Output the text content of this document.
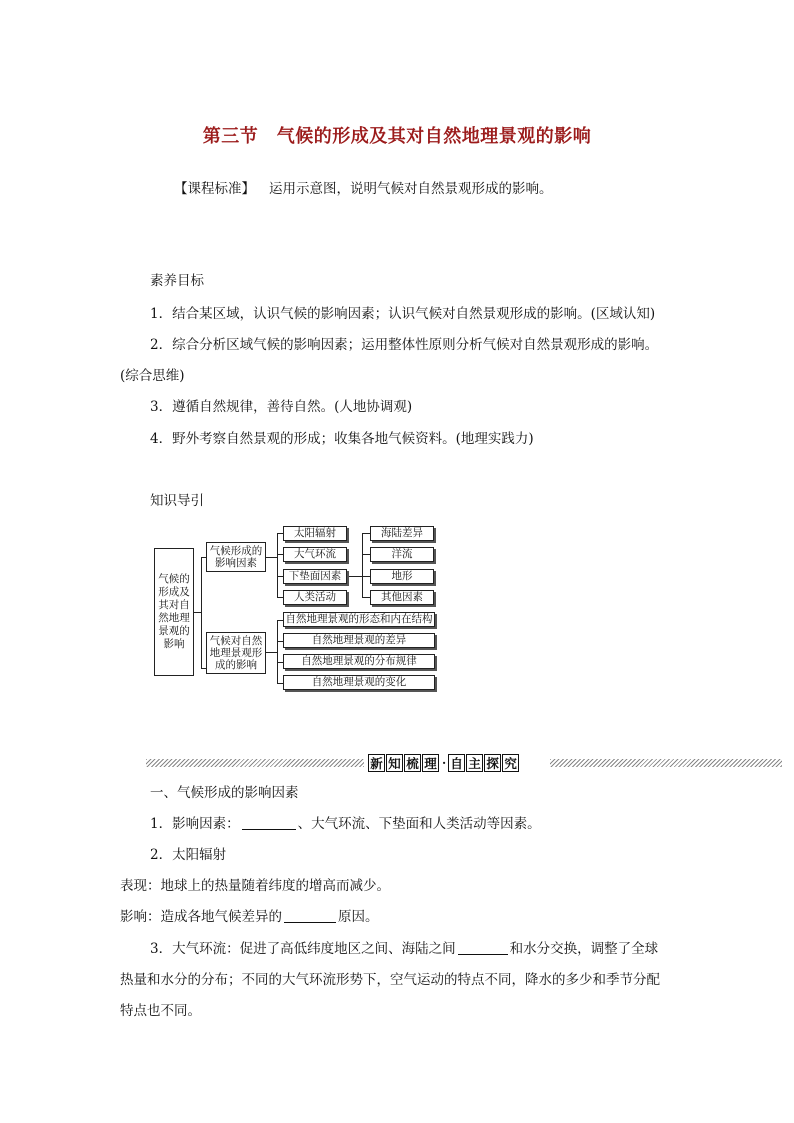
第三节　气候的形成及其对自然地理景观的影响
【课程标准】 运用示意图，说明气候对自然景观形成的影响。
素养目标
1．结合某区域，认识气候的影响因素；认识气候对自然景观形成的影响。(区域认知)
2．综合分析区域气候的影响因素；运用整体性原则分析气候对自然景观形成的影响。
(综合思维)
3．遵循自然规律，善待自然。(人地协调观)
4．野外考察自然景观的形成；收集各地气候资料。(地理实践力)
知识导引
气候的形成及其对自然地理景观的影响
气候形成的影响因素
太阳辐射
大气环流
下垫面因素
人类活动
海陆差异
洋流
地形
其他因素
气候对自然地理景观形成的影响
自然地理景观的形态和内在结构
自然地理景观的差异
自然地理景观的分布规律
自然地理景观的变化
新 知 梳 理 · 自 主 探 究
一、气候形成的影响因素
1．影响因素：	、大气环流、下垫面和人类活动等因素。
2．太阳辐射
表现：地球上的热量随着纬度的增高而减少。
影响：造成各地气候差异的	原因。
3．大气环流：促进了高低纬度地区之间、海陆之间	和水分交换，调整了全球
热量和水分的分布；不同的大气环流形势下，空气运动的特点不同，降水的多少和季节分配
特点也不同。
